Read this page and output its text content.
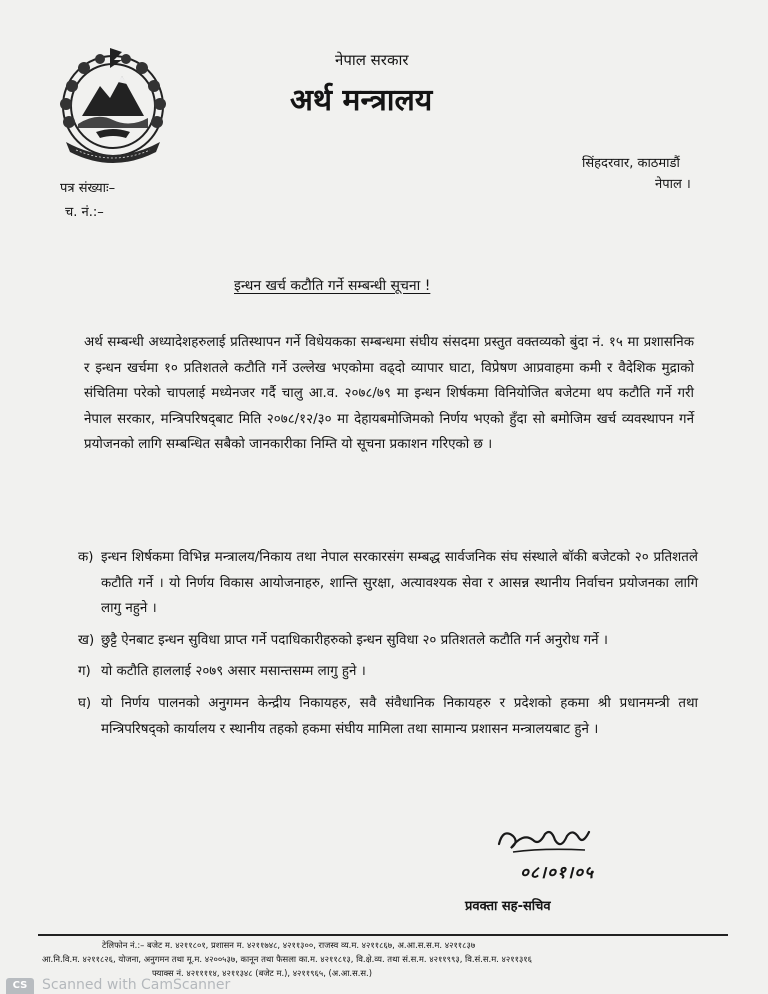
नेपाल सरकार
अर्थ मन्त्रालय
सिंहदरवार, काठमाडौं
नेपाल ।
पत्र संख्याः–
च. नं.:–
इन्धन खर्च कटौति गर्ने सम्बन्धी सूचना !
अर्थ सम्बन्धी अध्यादेशहरुलाई प्रतिस्थापन गर्ने विधेयकका सम्बन्धमा संघीय संसदमा प्रस्तुत वक्तव्यको बुंदा नं. १५ मा प्रशासनिक र इन्धन खर्चमा १० प्रतिशतले कटौति गर्ने उल्लेख भएकोमा वढ्दो व्यापार घाटा, विप्रेषण आप्रवाहमा कमी र वैदेशिक मुद्राको संचितिमा परेको चापलाई मध्येनजर गर्दै चालु आ.व. २०७८/७९ मा इन्धन शिर्षकमा विनियोजित बजेटमा थप कटौति गर्ने गरी नेपाल सरकार, मन्त्रिपरिषद्‌बाट मिति २०७८/१२/३० मा देहायबमोजिमको निर्णय भएको हुँदा सो बमोजिम खर्च व्यवस्थापन गर्ने प्रयोजनको लागि सम्बन्धित सबैको जानकारीका निम्ति यो सूचना प्रकाशन गरिएको छ ।
क) इन्धन शिर्षकमा विभिन्न मन्त्रालय/निकाय तथा नेपाल सरकारसंग सम्बद्ध सार्वजनिक संघ संस्थाले बॉकी बजेटको २० प्रतिशतले कटौति गर्ने । यो निर्णय विकास आयोजनाहरु, शान्ति सुरक्षा, अत्यावश्यक सेवा र आसन्न स्थानीय निर्वाचन प्रयोजनका लागि लागु नहुने ।
ख) छुट्टै ऐनबाट इन्धन सुविधा प्राप्त गर्ने पदाधिकारीहरुको इन्धन सुविधा २० प्रतिशतले कटौति गर्न अनुरोध गर्ने ।
ग) यो कटौति हाललाई २०७९ असार मसान्तसम्म लागु हुने ।
घ) यो निर्णय पालनको अनुगमन केन्द्रीय निकायहरु, सवै संवैधानिक निकायहरु र प्रदेशको हकमा श्री प्रधानमन्त्री तथा मन्त्रिपरिषद्‌को कार्यालय र स्थानीय तहको हकमा संघीय मामिला तथा सामान्य प्रशासन मन्त्रालयबाट हुने ।
०८।०१।०५
प्रवक्ता सह-सचिव
टेलिफोन नं.:– बजेट म. ४२११८०१, प्रशासन म. ४२११७४८, ४२११३००, राजस्व व्य.म. ४२११८६७, अ.आ.स.स.म. ४२११८३७
आ.नि.वि.म. ४२११८२६, योजना, अनुगमन तथा मू.म. ४२००५३७, कानून तथा फैसला का.म. ४२११८१३, वि.क्षे.व्य. तथा सं.स.म. ४२११९९३, वि.सं.स.म. ४२११३१६
फ्याक्स नं. ४२११११४, ४२११३४८ (बजेट म.), ४२११९६५, (अ.आ.स.स.)
CS	Scanned with CamScanner
